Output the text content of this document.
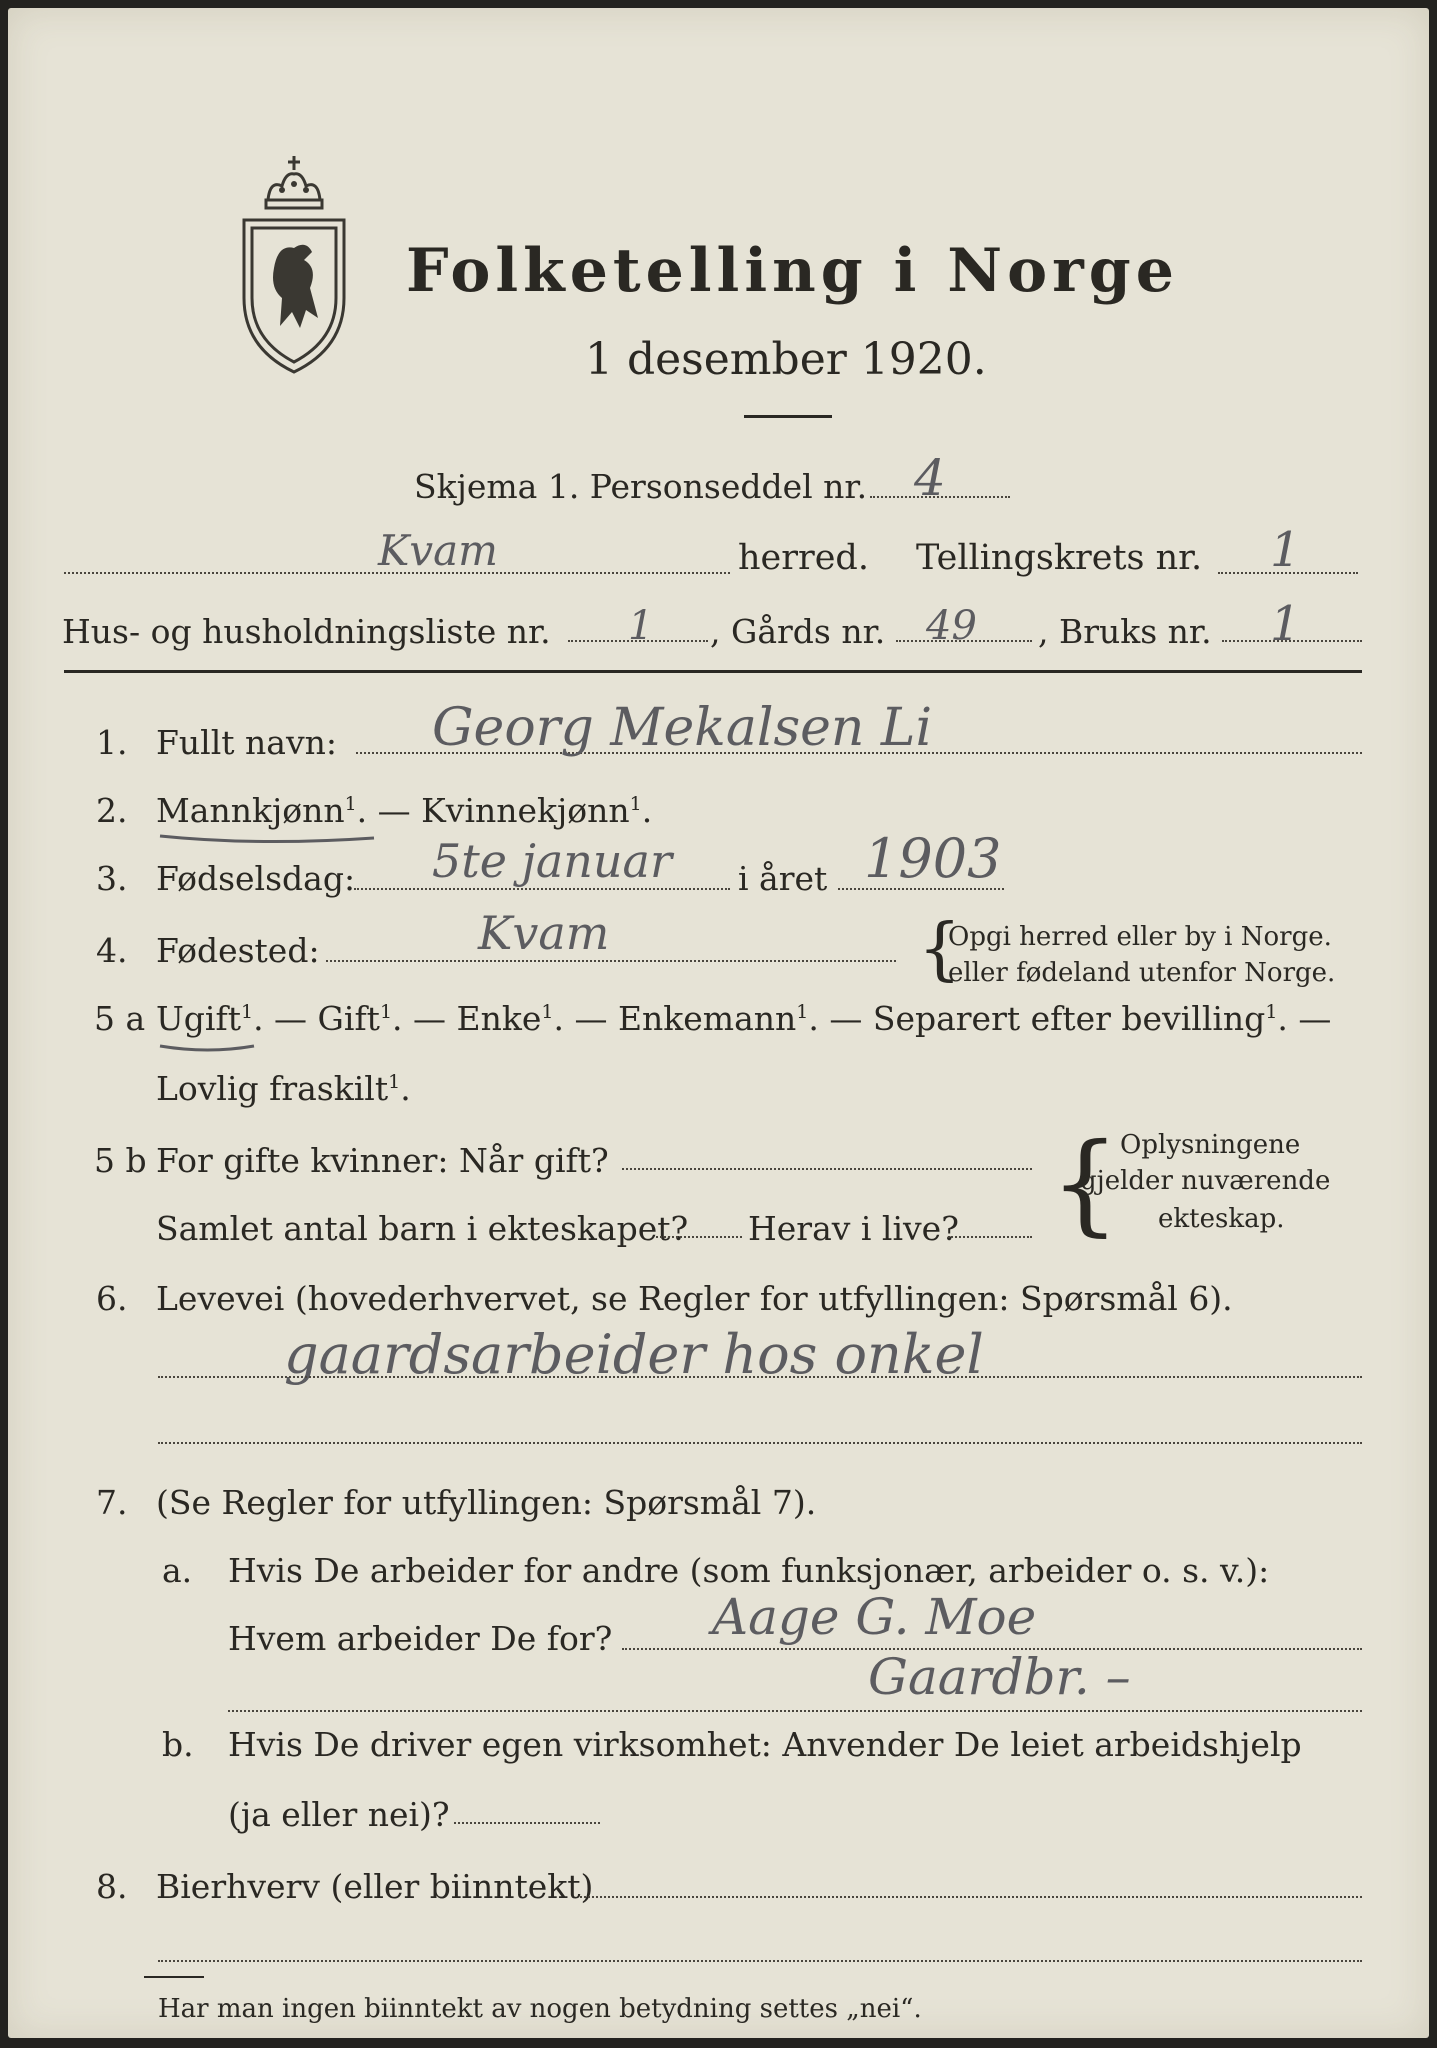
Folketelling i Norge
1 desember 1920.
Skjema 1. Personseddel nr. 4
Kvam	herred. Tellingskrets nr. 1
Hus- og husholdningsliste nr. 1 , Gårds nr. 49 , Bruks nr. 1
1. Fullt navn: Georg Mekalsen Li
2. Mannkjønn$^1$. — Kvinnekjønn$^1$.
3. Fødselsdag: 5te januar i året 1903
4. Fødested:	Kvam	{
Opgi herred eller by i Norge.
eller fødeland utenfor Norge.
5 a Ugift$^1$. — Gift$^1$. — Enke$^1$. — Enkemann$^1$. — Separert efter bevilling$^1$. —
Lovlig fraskilt$^1$.
5 b For gifte kvinner: Når gift?
Samlet antal barn i ekteskapet? Herav i live? { Oplysningene
gjelder nuværende
ekteskap.
6. Levevei (hovederhvervet, se Regler for utfyllingen: Spørsmål 6).
gaardsarbeider hos onkel
7. (Se Regler for utfyllingen: Spørsmål 7).
a. Hvis De arbeider for andre (som funksjonær, arbeider o. s. v.):
Hvem arbeider De for? Aage G. Moe
Gaardbr. –
b. Hvis De driver egen virksomhet: Anvender De leiet arbeidshjelp
(ja eller nei)?
8. Bierhverv (eller biinntekt)
Har man ingen biinntekt av nogen betydning settes „nei“.
